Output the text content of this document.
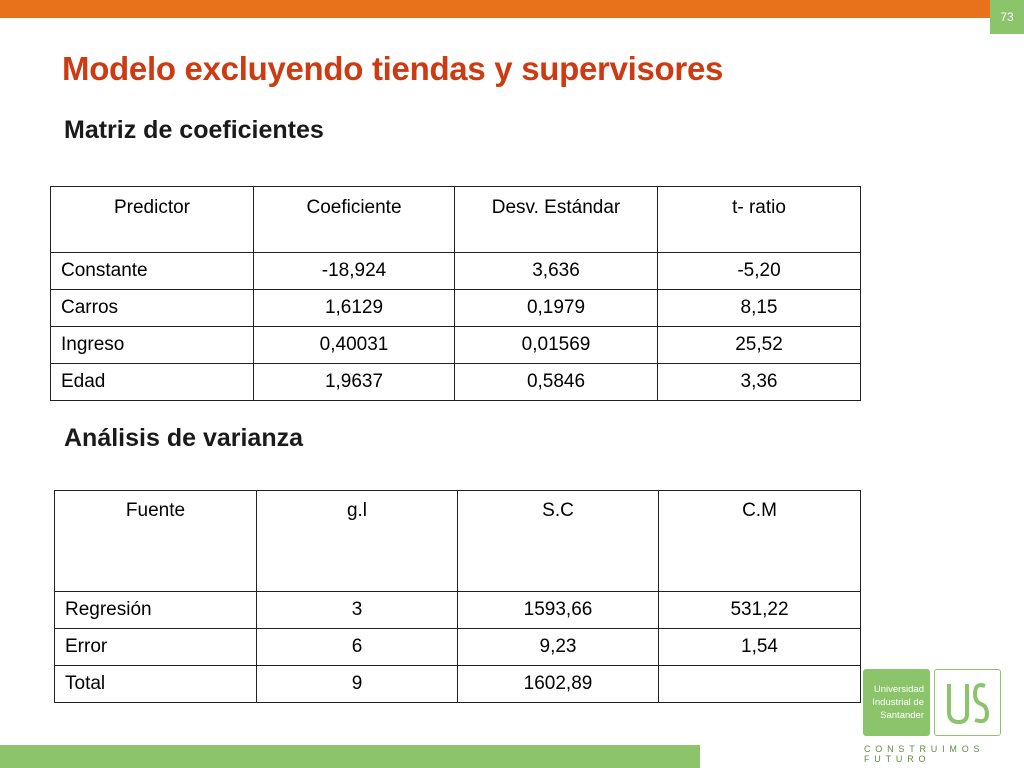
73
Modelo excluyendo tiendas y supervisores
Matriz de coeficientes
Predictor	Coeficiente	Desv. Estándar	t- ratio
Constante	-18,924	3,636	-5,20
Carros	1,6129	0,1979	8,15
Ingreso	0,40031	0,01569	25,52
Edad	1,9637	0,5846	3,36
Análisis de varianza
Fuente	g.l	S.C	C.M
Regresión	3	1593,66	531,22
Error	6	9,23	1,54
Total	9	1602,89		Universidad
Industrial de
Santander
CONSTRUIMOS FUTURO
